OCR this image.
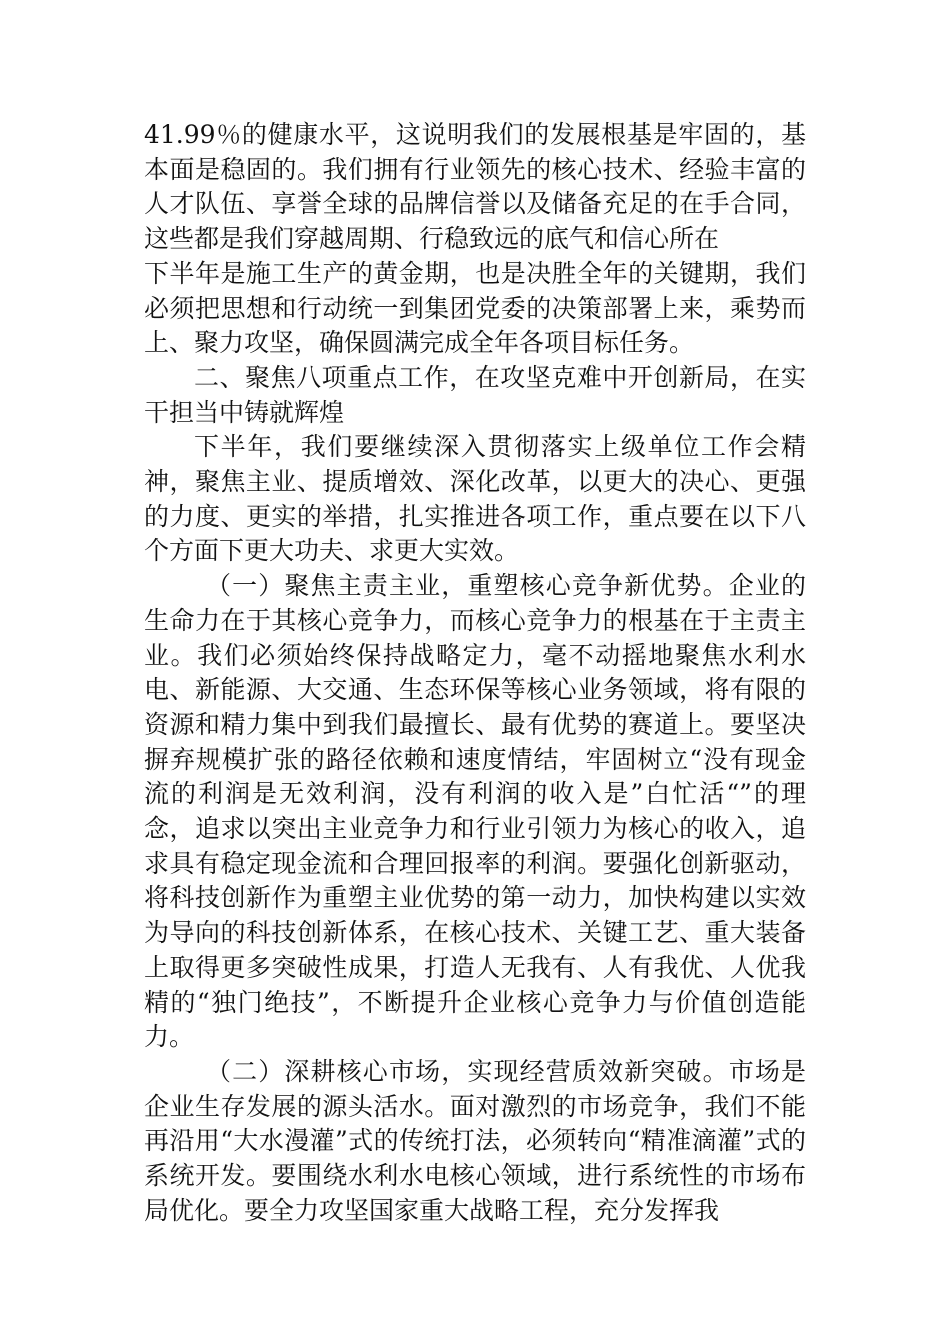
41.99％的健康水平，这说明我们的发展根基是牢固的，基本面是稳固的。我们拥有行业领先的核心技术、经验丰富的人才队伍、享誉全球的品牌信誉以及储备充足的在手合同，这些都是我们穿越周期、行稳致远的底气和信心所在

下半年是施工生产的黄金期，也是决胜全年的关键期，我们必须把思想和行动统一到集团党委的决策部署上来，乘势而上、聚力攻坚，确保圆满完成全年各项目标任务。

二、聚焦八项重点工作，在攻坚克难中开创新局，在实干担当中铸就辉煌

下半年，我们要继续深入贯彻落实上级单位工作会精神，聚焦主业、提质增效、深化改革，以更大的决心、更强的力度、更实的举措，扎实推进各项工作，重点要在以下八个方面下更大功夫、求更大实效。

（一）聚焦主责主业，重塑核心竞争新优势。企业的生命力在于其核心竞争力，而核心竞争力的根基在于主责主业。我们必须始终保持战略定力，毫不动摇地聚焦水利水电、新能源、大交通、生态环保等核心业务领域，将有限的资源和精力集中到我们最擅长、最有优势的赛道上。要坚决摒弃规模扩张的路径依赖和速度情结，牢固树立“没有现金流的利润是无效利润，没有利润的收入是”白忙活“”的理念，追求以突出主业竞争力和行业引领力为核心的收入，追求具有稳定现金流和合理回报率的利润。要强化创新驱动，将科技创新作为重塑主业优势的第一动力，加快构建以实效为导向的科技创新体系，在核心技术、关键工艺、重大装备上取得更多突破性成果，打造人无我有、人有我优、人优我精的“独门绝技”，不断提升企业核心竞争力与价值创造能力。

（二）深耕核心市场，实现经营质效新突破。市场是企业生存发展的源头活水。面对激烈的市场竞争，我们不能再沿用“大水漫灌”式的传统打法，必须转向“精准滴灌”式的系统开发。要围绕水利水电核心领域，进行系统性的市场布局优化。要全力攻坚国家重大战略工程，充分发挥我
